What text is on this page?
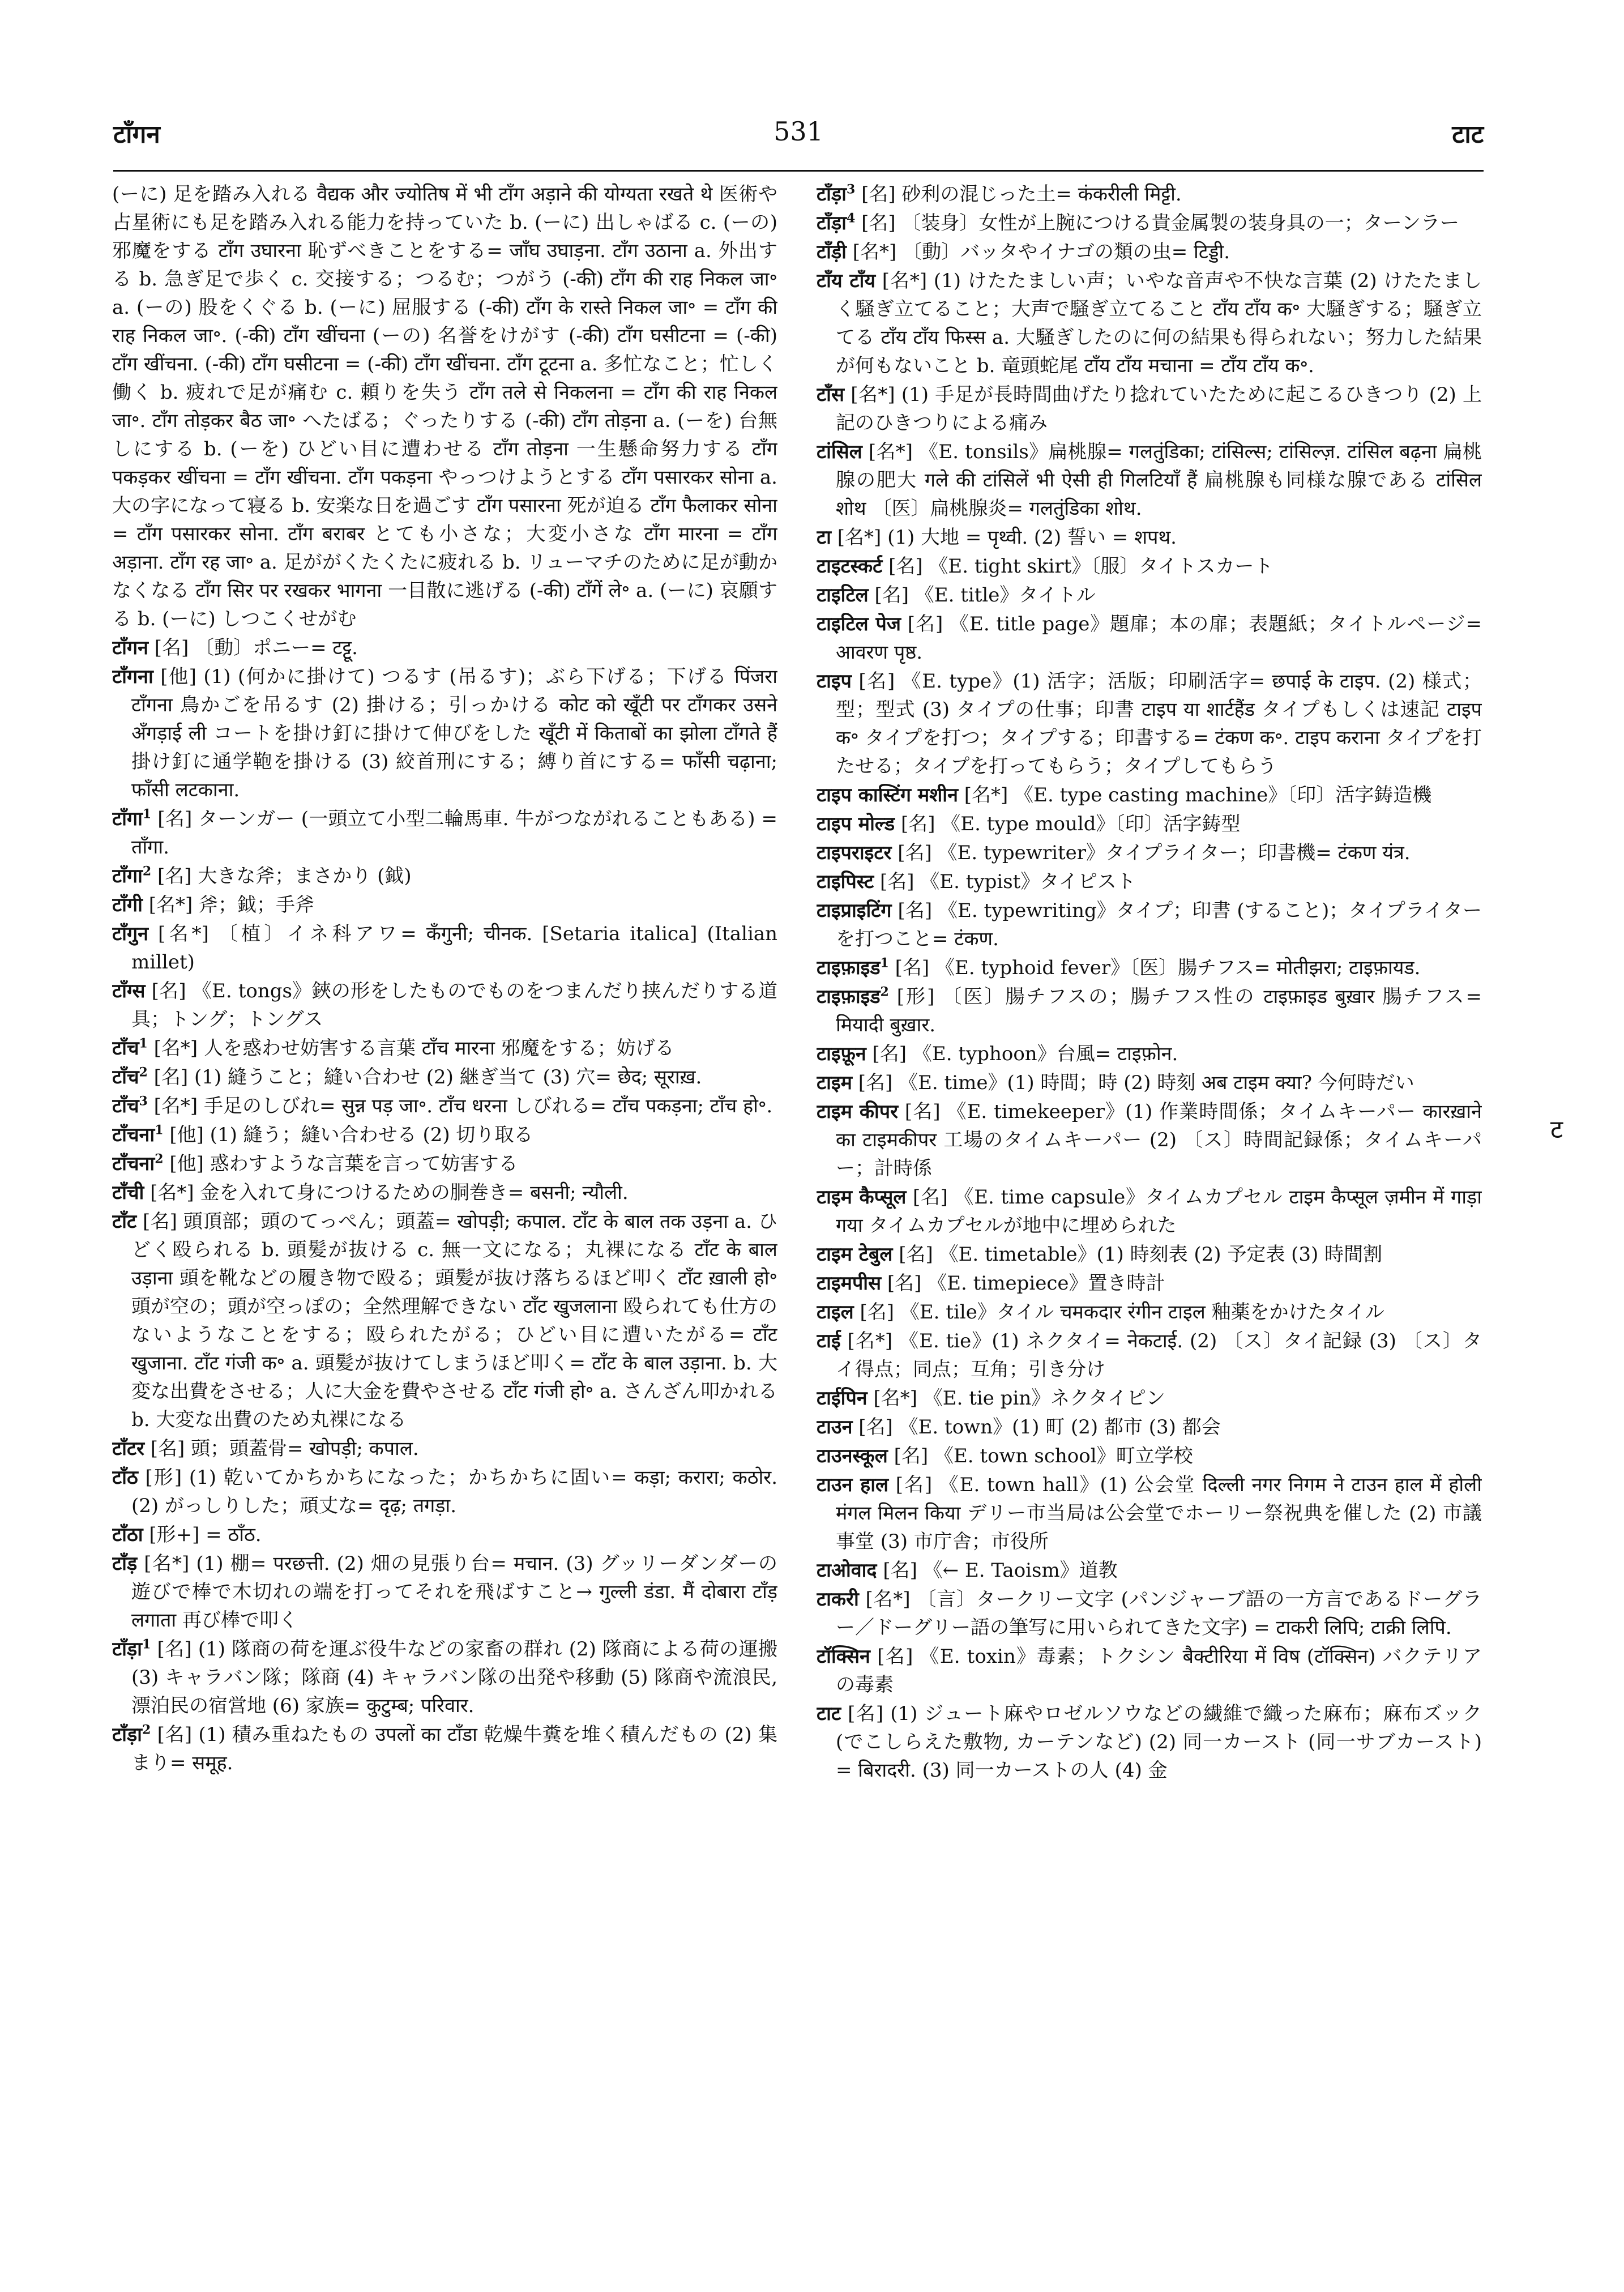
टाँगन	531	टाट

(ーに) 足を踏み入れる वैद्यक और ज्योतिष में भी टाँग अड़ाने की योग्यता रखते थे 医術や占星術にも足を踏み入れる能力を持っていた b. (ーに) 出しゃばる c. (ーの) 邪魔をする टाँग उघारना 恥ずべきことをする= जाँघ उघाड़ना. टाँग उठाना a. 外出する b. 急ぎ足で歩く c. 交接する；つるむ；つがう (-की) टाँग की राह निकल जा॰ a. (ーの) 股をくぐる b. (ーに) 屈服する (-की) टाँग के रास्ते निकल जा॰ = टाँग की राह निकल जा॰. (-की) टाँग खींचना (ーの) 名誉をけがす (-की) टाँग घसीटना = (-की) टाँग खींचना. (-की) टाँग घसीटना = (-की) टाँग खींचना. टाँग टूटना a. 多忙なこと；忙しく働く b. 疲れで足が痛む c. 頼りを失う टाँग तले से निकलना = टाँग की राह निकल जा॰. टाँग तोड़कर बैठ जा॰ へたばる；ぐったりする (-की) टाँग तोड़ना a. (ーを) 台無しにする b. (ーを) ひどい目に遭わせる टाँग तोड़ना 一生懸命努力する टाँग पकड़कर खींचना = टाँग खींचना. टाँग पकड़ना やっつけようとする टाँग पसारकर सोना a. 大の字になって寝る b. 安楽な日を過ごす टाँग पसारना 死が迫る टाँग फैलाकर सोना = टाँग पसारकर सोना. टाँग बराबर とても小さな；大変小さな टाँग मारना = टाँग अड़ाना. टाँग रह जा॰ a. 足ががくたくたに疲れる b. リューマチのために足が動かなくなる टाँग सिर पर रखकर भागना 一目散に逃げる (-की) टाँगें ले॰ a. (ーに) 哀願する b. (ーに) しつこくせがむ

टाँगन [名] 〔動〕ポニー= टट्टू.

टाँगना [他] (1) (何かに掛けて) つるす (吊るす)；ぶら下げる；下げる पिंजरा टाँगना 鳥かごを吊るす (2) 掛ける；引っかける कोट को खूँटी पर टाँगकर उसने अँगड़ाई ली コートを掛け釘に掛けて伸びをした खूँटी में किताबों का झोला टाँगते हैं 掛け釘に通学鞄を掛ける (3) 絞首刑にする；縛り首にする= फाँसी चढ़ाना; फाँसी लटकाना.

टाँगा$^1$ [名] ターンガー (一頭立て小型二輪馬車. 牛がつながれることもある) = ताँगा.

टाँगा$^2$ [名] 大きな斧；まさかり (鉞)

टाँगी [名*] 斧；鉞；手斧

टाँगुन [名*] 〔植〕イネ科アワ= कँगुनी; चीनक. [Setaria italica] (Italian millet)

टाँग्स [名] 《E. tongs》鋏の形をしたものでものをつまんだり挟んだりする道具；トング；トングス

टाँच$^1$ [名*] 人を惑わせ妨害する言葉 टाँच मारना 邪魔をする；妨げる

टाँच$^2$ [名] (1) 縫うこと；縫い合わせ (2) 継ぎ当て (3) 穴= छेद; सूराख़.

टाँच$^3$ [名*] 手足のしびれ= सुन्न पड़ जा॰. टाँच धरना しびれる= टाँच पकड़ना; टाँच हो॰.

टाँचना$^1$ [他] (1) 縫う；縫い合わせる (2) 切り取る

टाँचना$^2$ [他] 惑わすような言葉を言って妨害する

टाँची [名*] 金を入れて身につけるための胴巻き= बसनी; न्यौली.

टाँट [名] 頭頂部；頭のてっぺん；頭蓋= खोपड़ी; कपाल. टाँट के बाल तक उड़ना a. ひどく殴られる b. 頭髪が抜ける c. 無一文になる；丸裸になる टाँट के बाल उड़ाना 頭を靴などの履き物で殴る；頭髪が抜け落ちるほど叩く टाँट ख़ाली हो॰ 頭が空の；頭が空っぽの；全然理解できない टाँट खुजलाना 殴られても仕方のないようなことをする；殴られたがる；ひどい目に遭いたがる= टाँट खुजाना. टाँट गंजी क॰ a. 頭髪が抜けてしまうほど叩く= टाँट के बाल उड़ाना. b. 大変な出費をさせる；人に大金を費やさせる टाँट गंजी हो॰ a. さんざん叩かれる b. 大変な出費のため丸裸になる

टाँटर [名] 頭；頭蓋骨= खोपड़ी; कपाल.

टाँठ [形] (1) 乾いてかちかちになった；かちかちに固い= कड़ा; करारा; कठोर. (2) がっしりした；頑丈な= दृढ़; तगड़ा.

टाँठा [形+] = ठाँठ.

टाँड़ [名*] (1) 棚= परछत्ती. (2) 畑の見張り台= मचान. (3) グッリーダンダーの遊びで棒で木切れの端を打ってそれを飛ばすこと→ गुल्ली डंडा. मैं दोबारा टाँड़ लगाता 再び棒で叩く

टाँड़ा$^1$ [名] (1) 隊商の荷を運ぶ役牛などの家畜の群れ (2) 隊商による荷の運搬 (3) キャラバン隊；隊商 (4) キャラバン隊の出発や移動 (5) 隊商や流浪民, 漂泊民の宿営地 (6) 家族= कुटुम्ब; परिवार.

टाँड़ा$^2$ [名] (1) 積み重ねたもの उपलों का टाँडा 乾燥牛糞を堆く積んだもの (2) 集まり= समूह.

टाँड़ा$^3$ [名] 砂利の混じった土= कंकरीली मिट्टी.

टाँड़ा$^4$ [名] 〔装身〕女性が上腕につける貴金属製の装身具の一；ターンラー

टाँड़ी [名*] 〔動〕バッタやイナゴの類の虫= टिड्डी.

टाँय टाँय [名*] (1) けたたましい声；いやな音声や不快な言葉 (2) けたたましく騒ぎ立てること；大声で騒ぎ立てること टाँय टाँय क॰ 大騒ぎする；騒ぎ立てる टाँय टाँय फिस्स a. 大騒ぎしたのに何の結果も得られない；努力した結果が何もないこと b. 竜頭蛇尾 टाँय टाँय मचाना = टाँय टाँय क॰.

टाँस [名*] (1) 手足が長時間曲げたり捻れていたために起こるひきつり (2) 上記のひきつりによる痛み

टांसिल [名*] 《E. tonsils》扁桃腺= गलतुंडिका; टांसिल्स; टांसिल्ज़. टांसिल बढ़ना 扁桃腺の肥大 गले की टांसिलें भी ऐसी ही गिलटियाँ हैं 扁桃腺も同様な腺である टांसिल शोथ 〔医〕扁桃腺炎= गलतुंडिका शोथ.

टा [名*] (1) 大地 = पृथ्वी. (2) 誓い = शपथ.

टाइटस्कर्ट [名] 《E. tight skirt》〔服〕タイトスカート

टाइटिल [名] 《E. title》タイトル

टाइटिल पेज [名] 《E. title page》題扉；本の扉；表題紙；タイトルページ= आवरण पृष्ठ.

टाइप [名] 《E. type》(1) 活字；活版；印刷活字= छपाई के टाइप. (2) 様式；型；型式 (3) タイプの仕事；印書 टाइप या शार्टहैंड タイプもしくは速記 टाइप क॰ タイプを打つ；タイプする；印書する= टंकण क॰. टाइप कराना タイプを打たせる；タイプを打ってもらう；タイプしてもらう

टाइप कास्टिंग मशीन [名*] 《E. type casting machine》〔印〕活字鋳造機

टाइप मोल्ड [名] 《E. type mould》〔印〕活字鋳型

टाइपराइटर [名] 《E. typewriter》タイプライター；印書機= टंकण यंत्र.

टाइपिस्ट [名] 《E. typist》タイピスト

टाइप्राइटिंग [名] 《E. typewriting》タイプ；印書 (すること)；タイプライターを打つこと= टंकण.

टाइफ़ाइड$^1$ [名] 《E. typhoid fever》〔医〕腸チフス= मोतीझरा; टाइफ़ायड.

टाइफ़ाइड$^2$ [形] 〔医〕腸チフスの；腸チフス性の टाइफ़ाइड बुख़ार 腸チフス= मियादी बुख़ार.

टाइफ़ून [名] 《E. typhoon》台風= टाइफ़ोन.

टाइम [名] 《E. time》(1) 時間；時 (2) 時刻 अब टाइम क्या? 今何時だい

टाइम कीपर [名] 《E. timekeeper》(1) 作業時間係；タイムキーパー कारख़ाने का टाइमकीपर 工場のタイムキーパー (2) 〔ス〕時間記録係；タイムキーパー；計時係

टाइम कैप्सूल [名] 《E. time capsule》タイムカプセル टाइम कैप्सूल ज़मीन में गाड़ा गया タイムカプセルが地中に埋められた

टाइम टेबुल [名] 《E. timetable》(1) 時刻表 (2) 予定表 (3) 時間割

टाइमपीस [名] 《E. timepiece》置き時計

टाइल [名] 《E. tile》タイル चमकदार रंगीन टाइल 釉薬をかけたタイル

टाई [名*] 《E. tie》(1) ネクタイ= नेकटाई. (2) 〔ス〕タイ記録 (3) 〔ス〕タイ得点；同点；互角；引き分け

टाईपिन [名*] 《E. tie pin》ネクタイピン

टाउन [名] 《E. town》(1) 町 (2) 都市 (3) 都会

टाउनस्कूल [名] 《E. town school》町立学校

टाउन हाल [名] 《E. town hall》(1) 公会堂 दिल्ली नगर निगम ने टाउन हाल में होली मंगल मिलन किया デリー市当局は公会堂でホーリー祭祝典を催した (2) 市議事堂 (3) 市庁舎；市役所

टाओवाद [名] 《← E. Taoism》道教

टाकरी [名*] 〔言〕タークリー文字 (パンジャーブ語の一方言であるドーグラー／ドーグリー語の筆写に用いられてきた文字) = टाकरी लिपि; टाक्री लिपि.

टॉक्सिन [名] 《E. toxin》毒素；トクシン बैक्टीरिया में विष (टॉक्सिन) バクテリアの毒素

टाट [名] (1) ジュート麻やロゼルソウなどの繊維で織った麻布；麻布ズック (でこしらえた敷物, カーテンなど) (2) 同一カースト (同一サブカースト) = बिरादरी. (3) 同一カーストの人 (4) 金

ट
